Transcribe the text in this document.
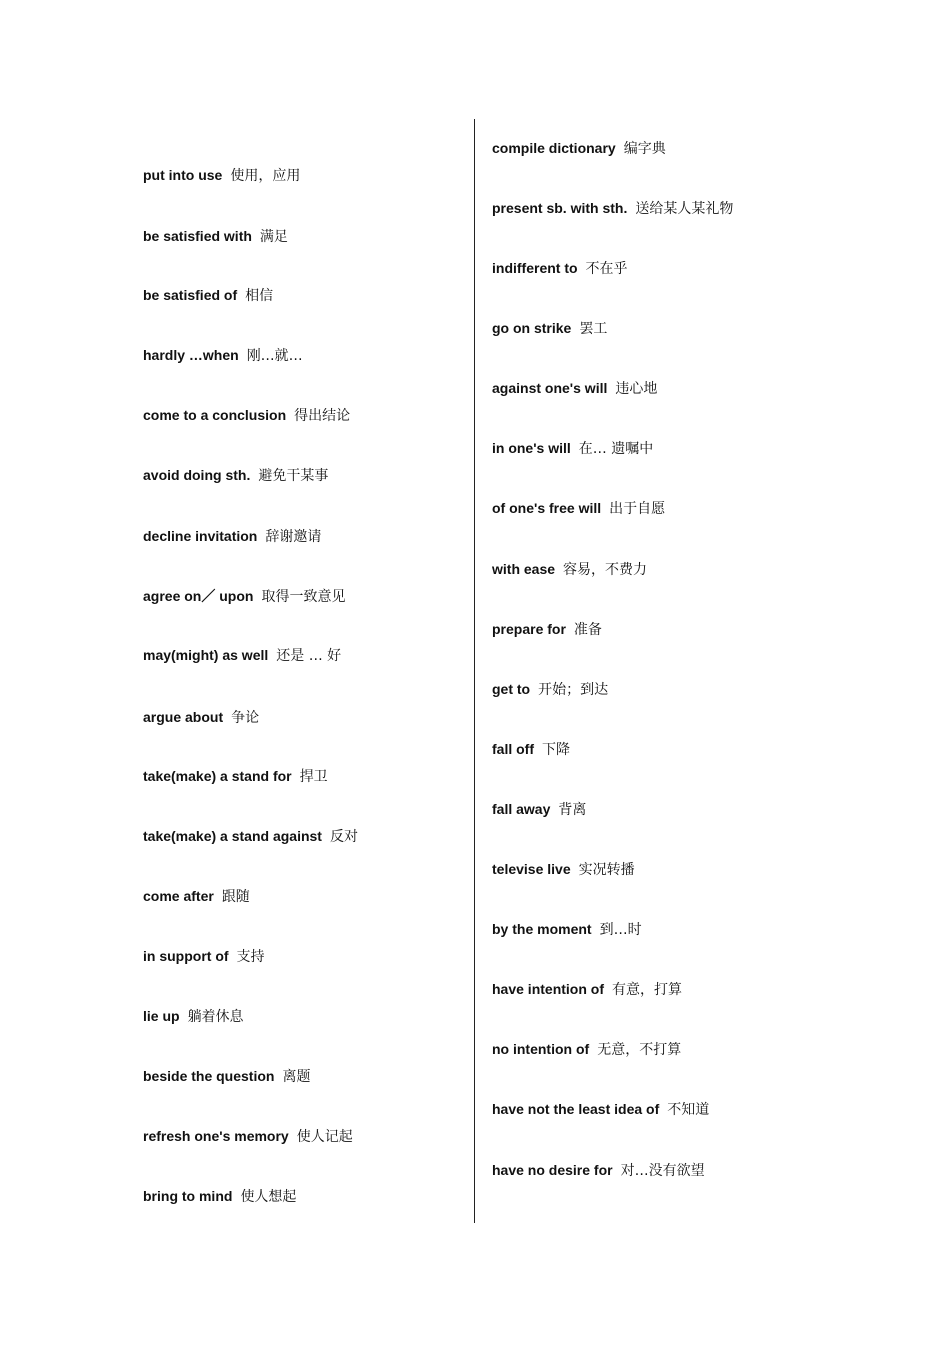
put into use 使用，应用
be satisfied with 满足
be satisfied of 相信
hardly …when 刚…就…
come to a conclusion 得出结论
avoid doing sth. 避免干某事
decline invitation 辞谢邀请
agree on／ upon 取得一致意见
may(might) as well 还是 … 好
argue about 争论
take(make) a stand for 捍卫
take(make) a stand against 反对
come after 跟随
in support of 支持
lie up 躺着休息
beside the question 离题
refresh one's memory 使人记起
bring to mind 使人想起
compile dictionary 编字典
present sb. with sth. 送给某人某礼物
indifferent to 不在乎
go on strike 罢工
against one's will 违心地
in one's will 在… 遗嘱中
of one's free will 出于自愿
with ease 容易，不费力
prepare for 准备
get to 开始；到达
fall off 下降
fall away 背离
televise live 实况转播
by the moment 到…时
have intention of 有意，打算
no intention of 无意，不打算
have not the least idea of 不知道
have no desire for 对…没有欲望
